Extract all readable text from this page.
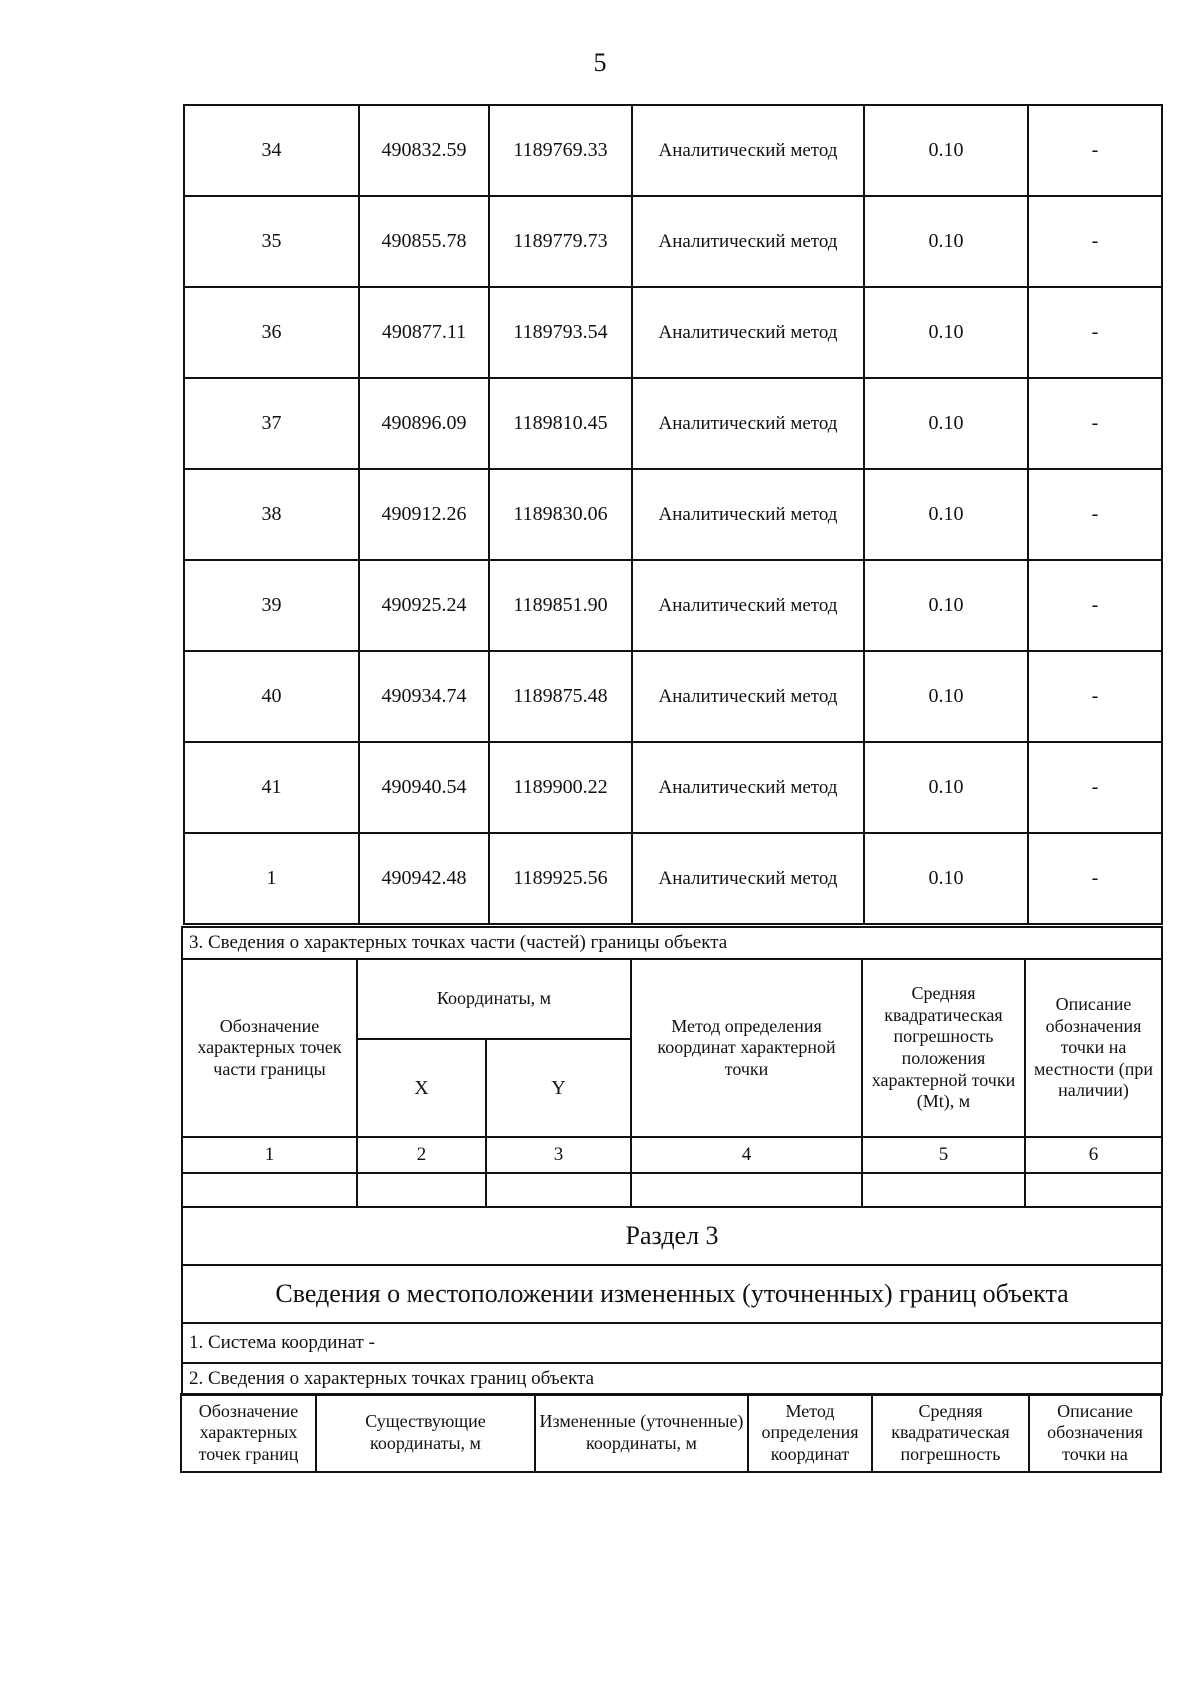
5
34	490832.59	1189769.33	Аналитический метод	0.10	-
35	490855.78	1189779.73	Аналитический метод	0.10	-
36	490877.11	1189793.54	Аналитический метод	0.10	-
37	490896.09	1189810.45	Аналитический метод	0.10	-
38	490912.26	1189830.06	Аналитический метод	0.10	-
39	490925.24	1189851.90	Аналитический метод	0.10	-
40	490934.74	1189875.48	Аналитический метод	0.10	-
41	490940.54	1189900.22	Аналитический метод	0.10	-
1	490942.48	1189925.56	Аналитический метод	0.10	-
3. Сведения о характерных точках части (частей) границы объекта					
Обозначение характерных точек части границы	Координаты, м		Метод определения координат характерной точки	Средняя квадратическая погрешность положения характерной точки (Mt), м	Описание обозначения точки на местности (при наличии)
	X	Y			
1	2	3	4	5	6

Раздел 3					
Сведения о местоположении измененных (уточненных) границ объекта					
1. Система координат -					
2. Сведения о характерных точках границ объекта					
Обозначение характерных точек границ	Существующие координаты, м	Измененные (уточненные) координаты, м	Метод определения координат	Средняя квадратическая погрешность	Описание обозначения точки на
